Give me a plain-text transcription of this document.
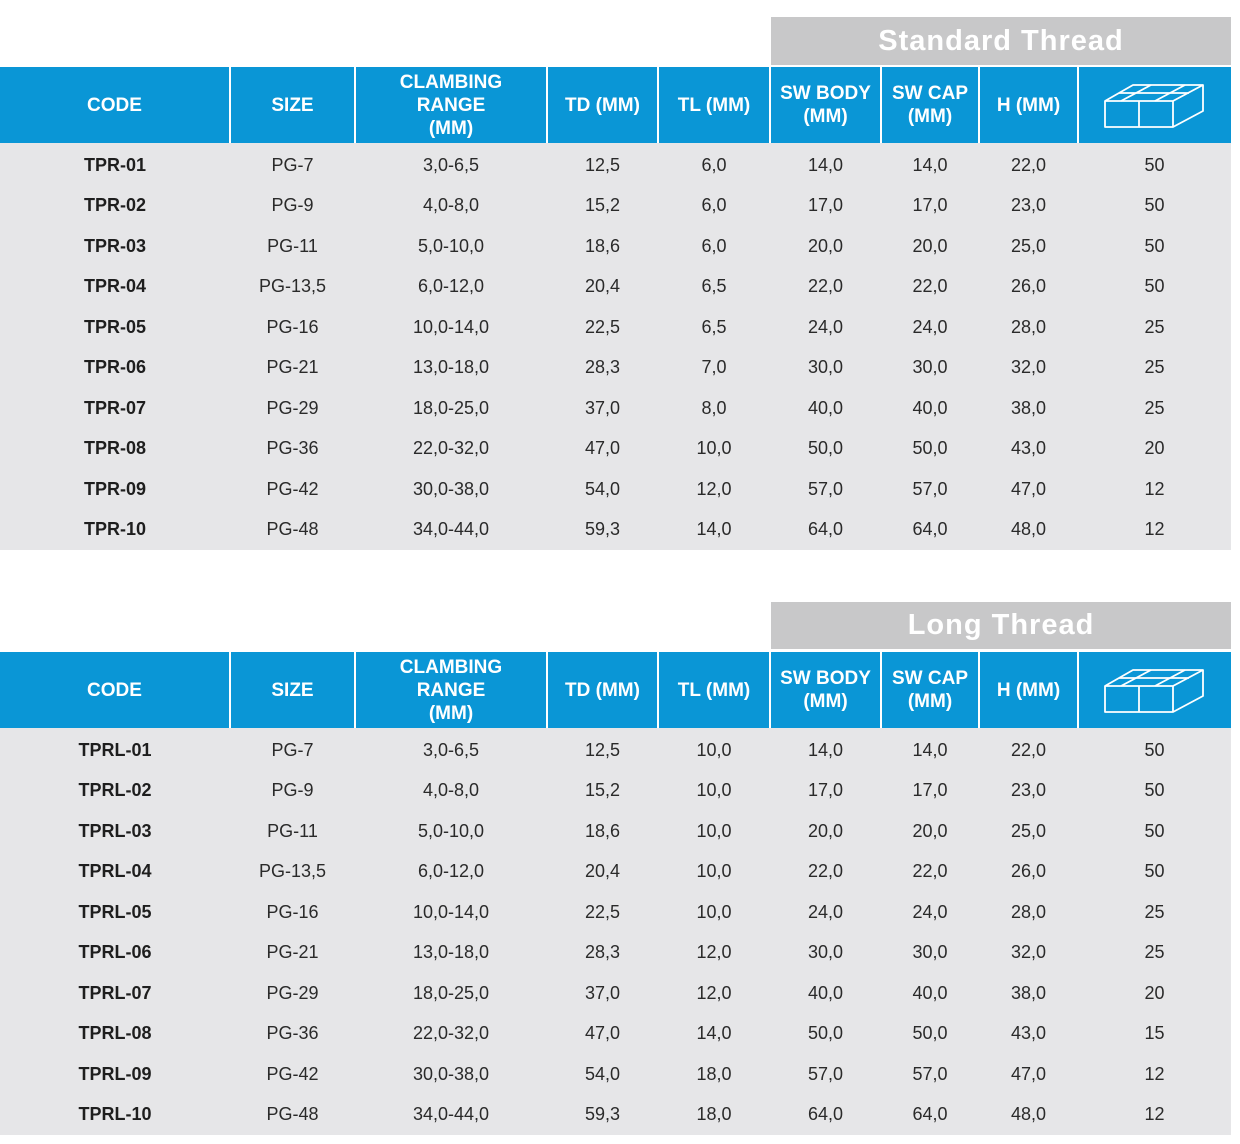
Standard Thread
CODE	SIZE	CLAMBING RANGE (MM)	TD (MM)	TL (MM)	SW BODY (MM)	SW CAP (MM)	H (MM)	

TPR-01	PG-7	3,0-6,5	12,5	6,0	14,0	14,0	22,0	50
TPR-02	PG-9	4,0-8,0	15,2	6,0	17,0	17,0	23,0	50
TPR-03	PG-11	5,0-10,0	18,6	6,0	20,0	20,0	25,0	50
TPR-04	PG-13,5	6,0-12,0	20,4	6,5	22,0	22,0	26,0	50
TPR-05	PG-16	10,0-14,0	22,5	6,5	24,0	24,0	28,0	25
TPR-06	PG-21	13,0-18,0	28,3	7,0	30,0	30,0	32,0	25
TPR-07	PG-29	18,0-25,0	37,0	8,0	40,0	40,0	38,0	25
TPR-08	PG-36	22,0-32,0	47,0	10,0	50,0	50,0	43,0	20
TPR-09	PG-42	30,0-38,0	54,0	12,0	57,0	57,0	47,0	12
TPR-10	PG-48	34,0-44,0	59,3	14,0	64,0	64,0	48,0	12
Long Thread
CODE	SIZE	CLAMBING RANGE (MM)	TD (MM)	TL (MM)	SW BODY (MM)	SW CAP (MM)	H (MM)	

TPRL-01	PG-7	3,0-6,5	12,5	10,0	14,0	14,0	22,0	50
TPRL-02	PG-9	4,0-8,0	15,2	10,0	17,0	17,0	23,0	50
TPRL-03	PG-11	5,0-10,0	18,6	10,0	20,0	20,0	25,0	50
TPRL-04	PG-13,5	6,0-12,0	20,4	10,0	22,0	22,0	26,0	50
TPRL-05	PG-16	10,0-14,0	22,5	10,0	24,0	24,0	28,0	25
TPRL-06	PG-21	13,0-18,0	28,3	12,0	30,0	30,0	32,0	25
TPRL-07	PG-29	18,0-25,0	37,0	12,0	40,0	40,0	38,0	20
TPRL-08	PG-36	22,0-32,0	47,0	14,0	50,0	50,0	43,0	15
TPRL-09	PG-42	30,0-38,0	54,0	18,0	57,0	57,0	47,0	12
TPRL-10	PG-48	34,0-44,0	59,3	18,0	64,0	64,0	48,0	12
